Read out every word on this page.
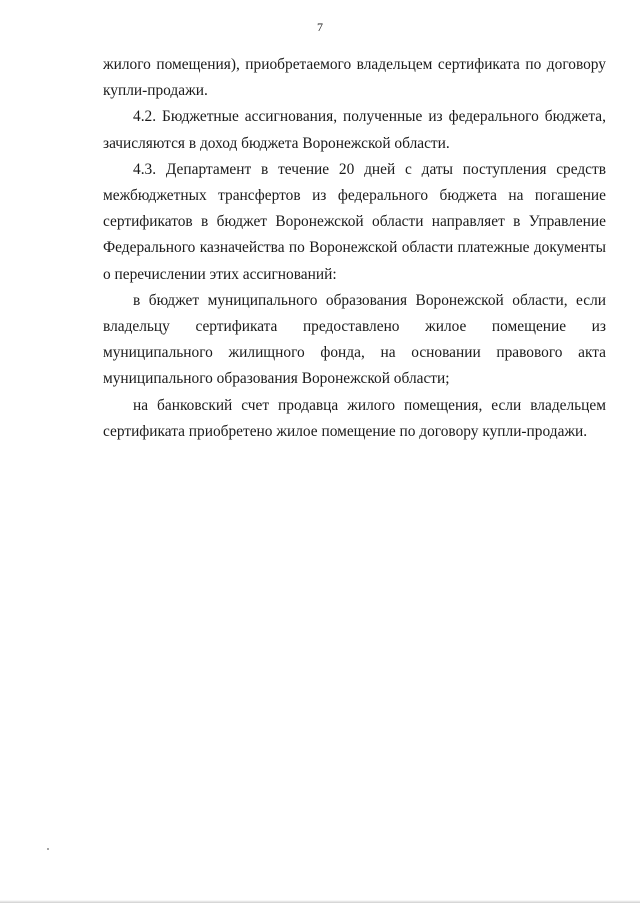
7

жилого помещения), приобретаемого владельцем сертификата по договору купли-продажи.

4.2. Бюджетные ассигнования, полученные из федерального бюджета, зачисляются в доход бюджета Воронежской области.

4.3. Департамент в течение 20 дней с даты поступления средств межбюджетных трансфертов из федерального бюджета на погашение сертификатов в бюджет Воронежской области направляет в Управление Федерального казначейства по Воронежской области платежные документы о перечислении этих ассигнований:

в бюджет муниципального образования Воронежской области, если владельцу сертификата предоставлено жилое помещение из муниципального жилищного фонда, на основании правового акта муниципального образования Воронежской области;

на банковский счет продавца жилого помещения, если владельцем сертификата приобретено жилое помещение по договору купли-продажи.
